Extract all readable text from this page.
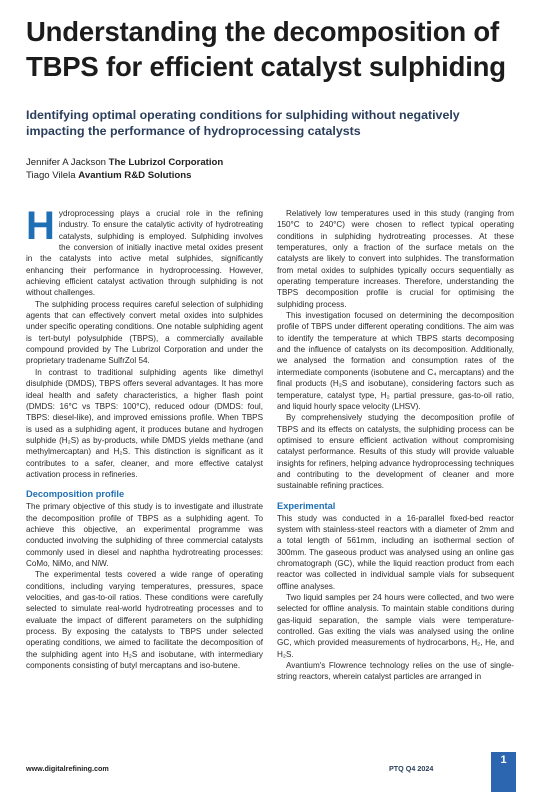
Understanding the decomposition of TBPS for efficient catalyst sulphiding
Identifying optimal operating conditions for sulphiding without negatively impacting the performance of hydroprocessing catalysts
Jennifer A Jackson The Lubrizol Corporation
Tiago Vilela Avantium R&D Solutions

Hydroprocessing plays a crucial role in the refining industry. To ensure the catalytic activity of hydrotreating catalysts, sulphiding is employed. Sulphiding involves the conversion of initially inactive metal oxides present in the catalysts into active metal sulphides, significantly enhancing their performance in hydroprocessing. However, achieving efficient catalyst activation through sulphiding is not without challenges.

The sulphiding process requires careful selection of sulphiding agents that can effectively convert metal oxides into sulphides under specific operating conditions. One notable sulphiding agent is tert-butyl polysulphide (TBPS), a commercially available compound provided by The Lubrizol Corporation and under the proprietary tradename SulfrZol 54.

In contrast to traditional sulphiding agents like dimethyl disulphide (DMDS), TBPS offers several advantages. It has more ideal health and safety characteristics, a higher flash point (DMDS: 16°C vs TBPS: 100°C), reduced odour (DMDS: foul, TBPS: diesel-like), and improved emissions profile. When TBPS is used as a sulphiding agent, it produces butane and hydrogen sulphide (H₂S) as by-products, while DMDS yields methane (and methylmercaptan) and H₂S. This distinction is significant as it contributes to a safer, cleaner, and more effective catalyst activation process in refineries.

Decomposition profile

The primary objective of this study is to investigate and illustrate the decomposition profile of TBPS as a sulphiding agent. To achieve this objective, an experimental programme was conducted involving the sulphiding of three commercial catalysts commonly used in diesel and naphtha hydrotreating processes: CoMo, NiMo, and NiW.

The experimental tests covered a wide range of operating conditions, including varying temperatures, pressures, space velocities, and gas-to-oil ratios. These conditions were carefully selected to simulate real-world hydrotreating processes and to evaluate the impact of different parameters on the sulphiding process. By exposing the catalysts to TBPS under selected operating conditions, we aimed to facilitate the decomposition of the sulphiding agent into H₂S and isobutane, with intermediary components consisting of butyl mercaptans and iso-butene.

Relatively low temperatures used in this study (ranging from 150°C to 240°C) were chosen to reflect typical operating conditions in sulphiding hydrotreating processes. At these temperatures, only a fraction of the surface metals on the catalysts are likely to convert into sulphides. The transformation from metal oxides to sulphides typically occurs sequentially as operating temperature increases. Therefore, understanding the TBPS decomposition profile is crucial for optimising the sulphiding process.

This investigation focused on determining the decomposition profile of TBPS under different operating conditions. The aim was to identify the temperature at which TBPS starts decomposing and the influence of catalysts on its decomposition. Additionally, we analysed the formation and consumption rates of the intermediate components (isobutene and C₄ mercaptans) and the final products (H₂S and isobutane), considering factors such as temperature, catalyst type, H₂ partial pressure, gas-to-oil ratio, and liquid hourly space velocity (LHSV).

By comprehensively studying the decomposition profile of TBPS and its effects on catalysts, the sulphiding process can be optimised to ensure efficient activation without compromising catalyst performance. Results of this study will provide valuable insights for refiners, helping advance hydroprocessing techniques and contributing to the development of cleaner and more sustainable refining practices.

Experimental

This study was conducted in a 16-parallel fixed-bed reactor system with stainless-steel reactors with a diameter of 2mm and a total length of 561mm, including an isothermal section of 300mm. The gaseous product was analysed using an online gas chromatograph (GC), while the liquid reaction product from each reactor was collected in individual sample vials for subsequent offline analyses.

Two liquid samples per 24 hours were collected, and two were selected for offline analysis. To maintain stable conditions during gas-liquid separation, the sample vials were temperature-controlled. Gas exiting the vials was analysed using the online GC, which provided measurements of hydrocarbons, H₂, He, and H₂S.

Avantium's Flowrence technology relies on the use of single-string reactors, wherein catalyst particles are arranged in

www.digitalrefining.com	PTQ Q4 2024
1
